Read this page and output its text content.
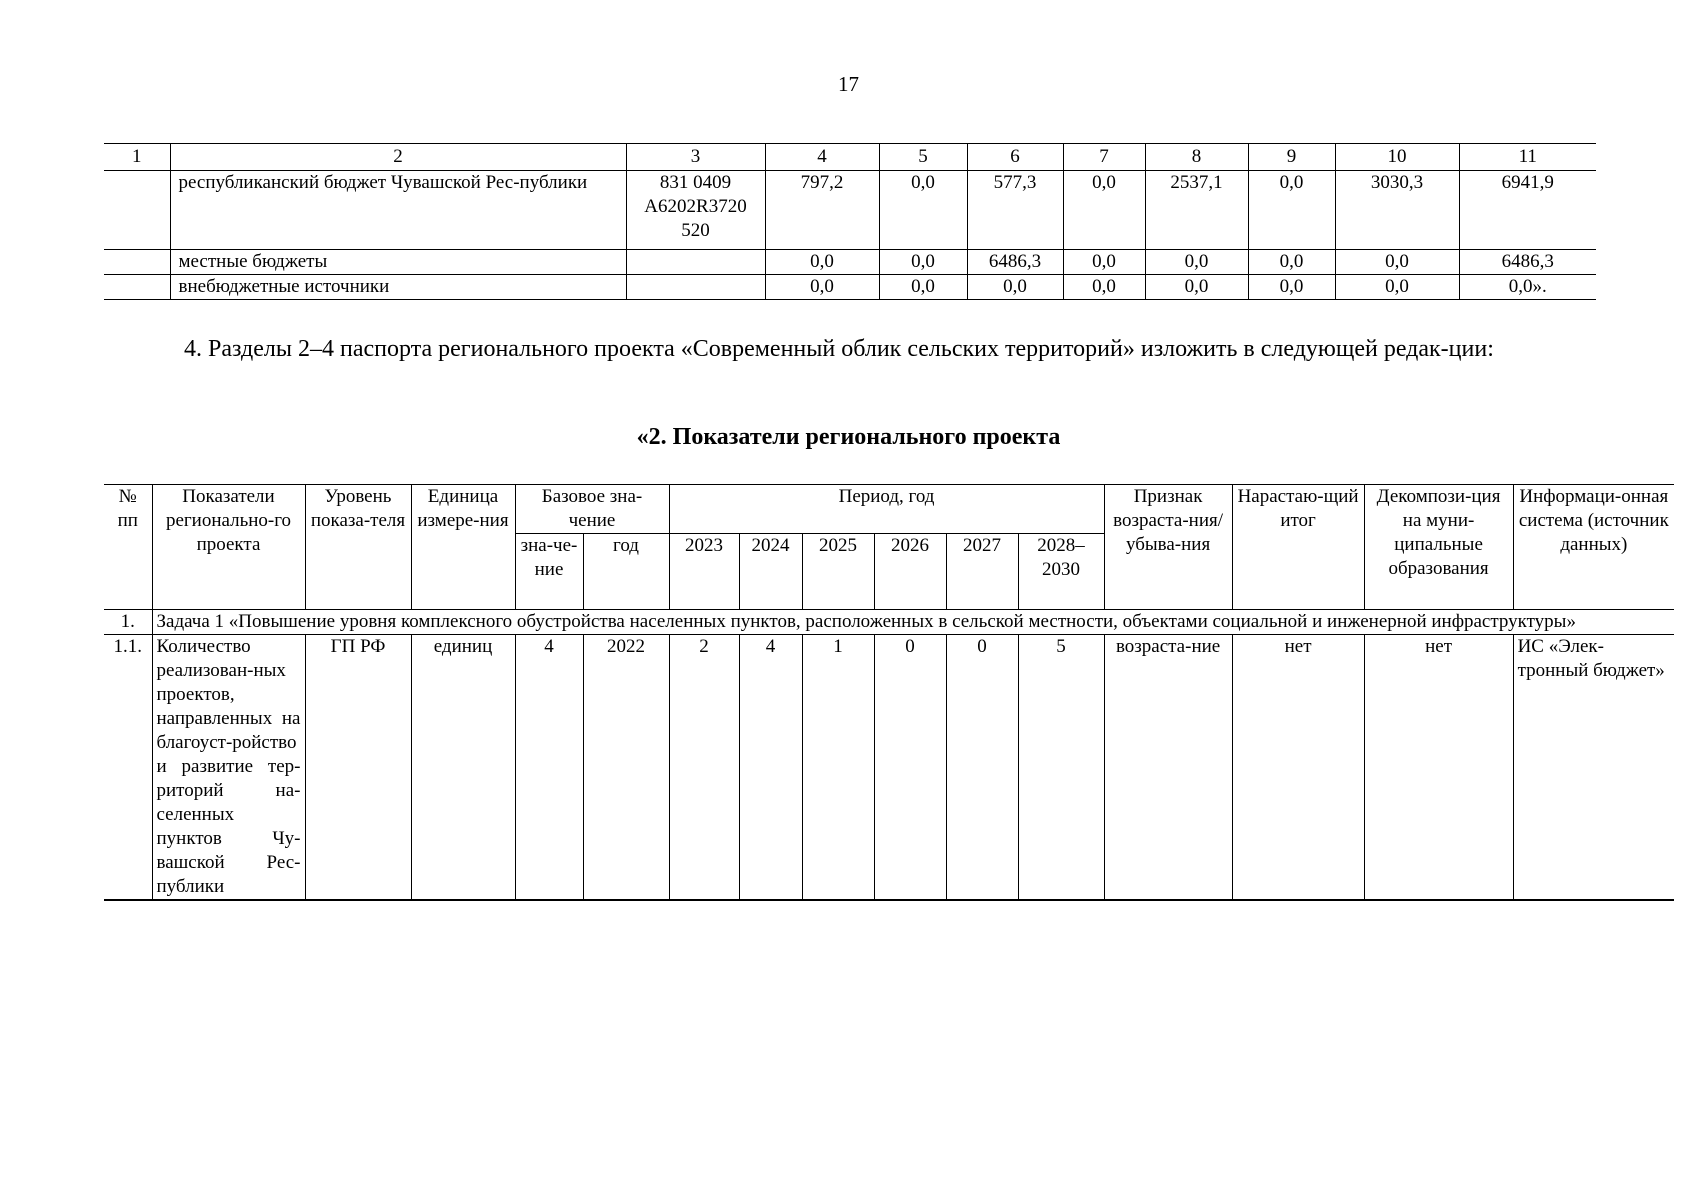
17
1	2	3	4	5	6	7	8	9	10	11
	республиканский бюджет Чувашской Рес-публики	831 0409 А6202R3720 520	797,2	0,0	577,3	0,0	2537,1	0,0	3030,3	6941,9
	местные бюджеты		0,0	0,0	6486,3	0,0	0,0	0,0	0,0	6486,3
	внебюджетные источники		0,0	0,0	0,0	0,0	0,0	0,0	0,0	0,0».

4. Разделы 2–4 паспорта регионального проекта «Современный облик сельских территорий» изложить в следующей редак-ции:

«2. Показатели регионального проекта

№ пп	Показатели регионально-го проекта	Уровень показа-теля	Единица измере-ния	Базовое зна-чение		Период, год						Признак возраста-ния/убыва-ния	Нарастаю-щий итог	Декомпози-ция на муни-ципальные образования	Информаци-онная система (источник данных)
				зна-че-ние	год	2023	2024	2025	2026	2027	2028–2030				
1.	Задача 1 «Повышение уровня комплексного обустройства населенных пунктов, расположенных в сельской местности, объектами социальной и инженерной инфраструктуры»														
1.1.	Количество реализован-ных проектов, направленных на благоуст-ройство и развитие тер-риторий на-селенных пунктов Чу-вашской Рес-публики	ГП РФ	единиц	4	2022	2	4	1	0	0	5	возраста-ние	нет	нет	ИС «Элек-тронный бюджет»
